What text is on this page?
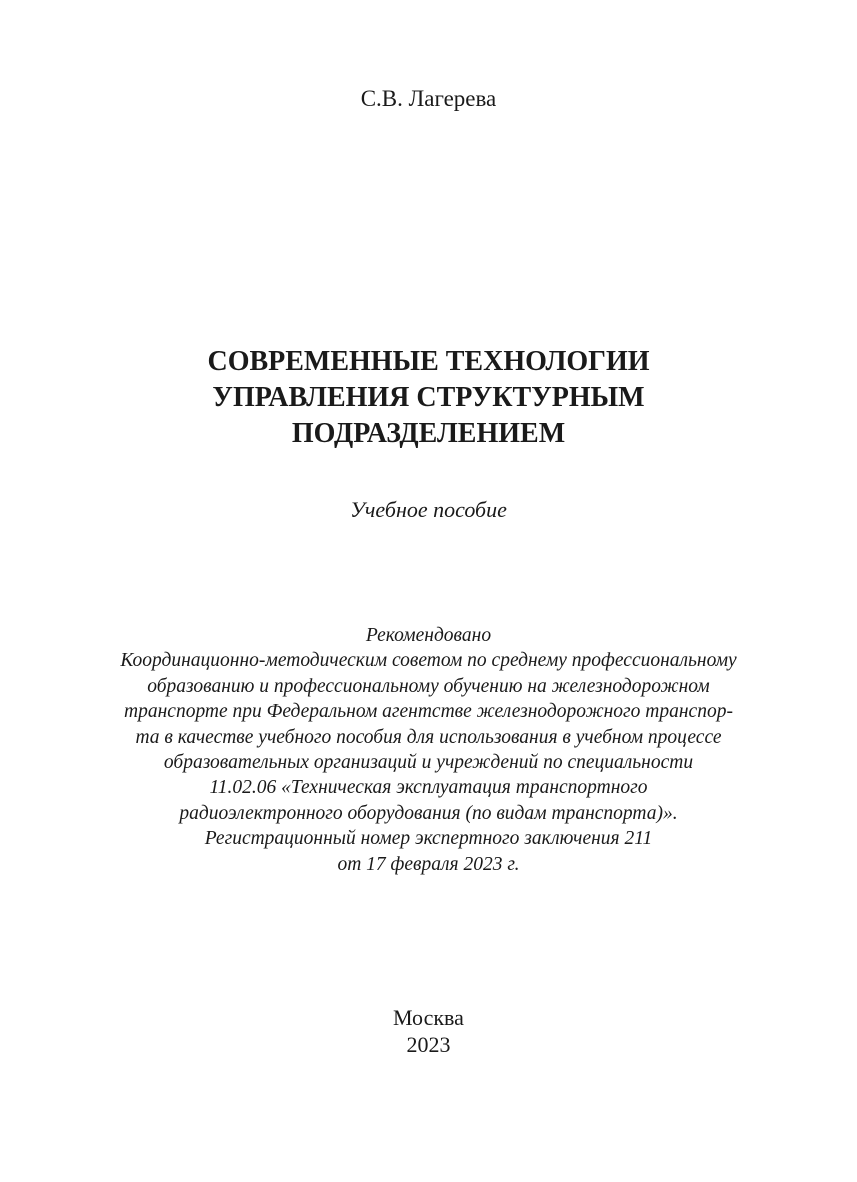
С.В. Лагерева
СОВРЕМЕННЫЕ ТЕХНОЛОГИИ
УПРАВЛЕНИЯ СТРУКТУРНЫМ
ПОДРАЗДЕЛЕНИЕМ
Учебное пособие
Рекомендовано
Координационно-методическим советом по среднему профессиональному
образованию и профессиональному обучению на железнодорожном
транспорте при Федеральном агентстве железнодорожного транспор-
та в качестве учебного пособия для использования в учебном процессе
образовательных организаций и учреждений по специальности
11.02.06 «Техническая эксплуатация транспортного
радиоэлектронного оборудования (по видам транспорта)».
Регистрационный номер экспертного заключения 211
от 17 февраля 2023 г.
Москва
2023
